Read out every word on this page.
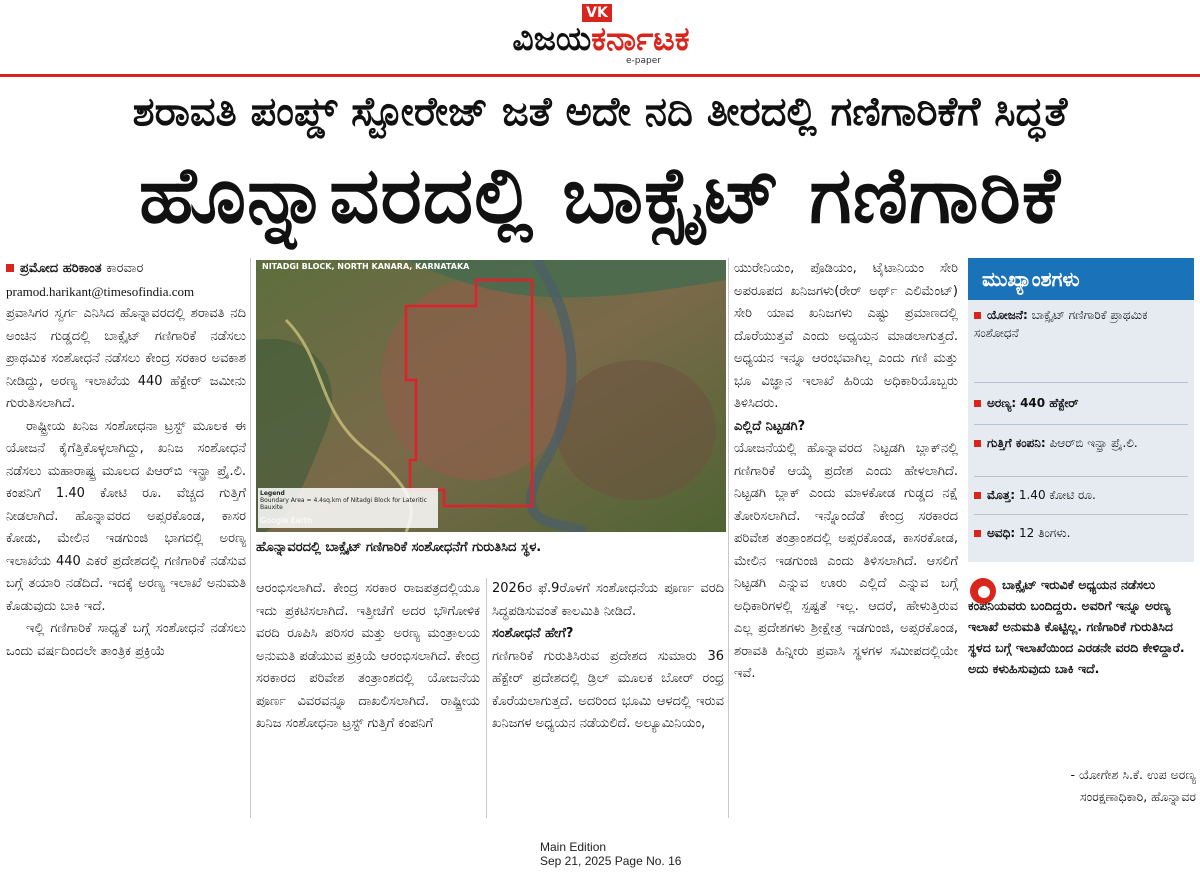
VK
ವಿಜಯಕರ್ನಾಟಕ
e-paper
ಶರಾವತಿ ಪಂಪ್ಡ್ ಸ್ಟೋರೇಜ್ ಜತೆ ಅದೇ ನದಿ ತೀರದಲ್ಲಿ ಗಣಿಗಾರಿಕೆಗೆ ಸಿದ್ಧತೆ
ಹೊನ್ನಾವರದಲ್ಲಿ ಬಾಕ್ಸೈಟ್ ಗಣಿಗಾರಿಕೆ

ಪ್ರಮೋದ ಹರಿಕಾಂತ ಕಾರವಾರ

pramod.harikant@timesofindia.com

ಪ್ರವಾಸಿಗರ ಸ್ವರ್ಗ ಎನಿಸಿದ ಹೊನ್ನಾವರದಲ್ಲಿ ಶರಾವತಿ ನದಿ ಅಂಚಿನ ಗುಡ್ಡದಲ್ಲಿ ಬಾಕ್ಸೈಟ್ ಗಣಿಗಾರಿಕೆ ನಡೆಸಲು ಪ್ರಾಥಮಿಕ ಸಂಶೋಧನೆ ನಡೆಸಲು ಕೇಂದ್ರ ಸರಕಾರ ಅವಕಾಶ ನೀಡಿದ್ದು, ಅರಣ್ಯ ಇಲಾಖೆಯ 440 ಹೆಕ್ಟೇರ್ ಜಮೀನು ಗುರುತಿಸಲಾಗಿದೆ.

ರಾಷ್ಟ್ರೀಯ ಖನಿಜ ಸಂಶೋಧನಾ ಟ್ರಸ್ಟ್ ಮೂಲಕ ಈ ಯೋಜನೆ ಕೈಗೆತ್ತಿಕೊಳ್ಳಲಾಗಿದ್ದು, ಖನಿಜ ಸಂಶೋಧನೆ ನಡೆಸಲು ಮಹಾರಾಷ್ಟ್ರ ಮೂಲದ ಪಿಆರ್‌ಬಿ ಇನ್ಫ್ರಾ ಪ್ರೈ.ಲಿ. ಕಂಪನಿಗೆ 1.40 ಕೋಟಿ ರೂ. ವೆಚ್ಚದ ಗುತ್ತಿಗೆ ನೀಡಲಾಗಿದೆ. ಹೊನ್ನಾವರದ ಅಪ್ಸರಕೊಂಡ, ಕಾಸರ ಕೋಡು, ಮೇಲಿನ ಇಡಗುಂಜಿ ಭಾಗದಲ್ಲಿ ಅರಣ್ಯ ಇಲಾಖೆಯ 440 ಎಕರೆ ಪ್ರದೇಶದಲ್ಲಿ ಗಣಿಗಾರಿಕೆ ನಡೆಸುವ ಬಗ್ಗೆ ತಯಾರಿ ನಡೆದಿದೆ. ಇದಕ್ಕೆ ಅರಣ್ಯ ಇಲಾಖೆ ಅನುಮತಿ ಕೊಡುವುದು ಬಾಕಿ ಇದೆ.

ಇಲ್ಲಿ ಗಣಿಗಾರಿಕೆ ಸಾಧ್ಯತೆ ಬಗ್ಗೆ ಸಂಶೋಧನೆ ನಡೆಸಲು ಒಂದು ವರ್ಷದಿಂದಲೇ ತಾಂತ್ರಿಕ ಪ್ರಕ್ರಿಯೆ

NITADGI BLOCK, NORTH KANARA, KARNATAKA
Legend
Boundary Area = 4.4sq.km of Nitadgi Block for Lateritic Bauxite
Google Earth
ಹೊನ್ನಾವರದಲ್ಲಿ ಬಾಕ್ಸೈಟ್ ಗಣಿಗಾರಿಕೆ ಸಂಶೋಧನೆಗೆ ಗುರುತಿಸಿದ ಸ್ಥಳ.

ಆರಂಭಿಸಲಾಗಿದೆ. ಕೇಂದ್ರ ಸರಕಾರ ರಾಜಪತ್ರದಲ್ಲಿಯೂ ಇದು ಪ್ರಕಟಿಸಲಾಗಿದೆ. ಇತ್ತೀಚೆಗೆ ಅದರ ಭೌಗೋಳಿಕ ವರದಿ ರೂಪಿಸಿ ಪರಿಸರ ಮತ್ತು ಅರಣ್ಯ ಮಂತ್ರಾಲಯ ಅನುಮತಿ ಪಡೆಯುವ ಪ್ರಕ್ರಿಯೆ ಆರಂಭಿಸಲಾಗಿದೆ. ಕೇಂದ್ರ ಸರಕಾರದ ಪರಿವೇಶ ತಂತ್ರಾಂಶದಲ್ಲಿ ಯೋಜನೆಯ ಪೂರ್ಣ ವಿವರವನ್ನೂ ದಾಖಲಿಸಲಾಗಿದೆ. ರಾಷ್ಟ್ರೀಯ ಖನಿಜ ಸಂಶೋಧನಾ ಟ್ರಸ್ಟ್ ಗುತ್ತಿಗೆ ಕಂಪನಿಗೆ

2026ರ ಫೆ.9ರೊಳಗೆ ಸಂಶೋಧನೆಯ ಪೂರ್ಣ ವರದಿ ಸಿದ್ಧಪಡಿಸುವಂತೆ ಕಾಲಮಿತಿ ನೀಡಿದೆ.

ಸಂಶೋಧನೆ ಹೇಗೆ?

ಗಣಿಗಾರಿಕೆ ಗುರುತಿಸಿರುವ ಪ್ರದೇಶದ ಸುಮಾರು 36 ಹೆಕ್ಟೇರ್ ಪ್ರದೇಶದಲ್ಲಿ ಡ್ರಿಲ್ ಮೂಲಕ ಬೋರ್ ರಂಧ್ರ ಕೊರೆಯಲಾಗುತ್ತದೆ. ಅದರಿಂದ ಭೂಮಿ ಆಳದಲ್ಲಿ ಇರುವ ಖನಿಜಗಳ ಅಧ್ಯಯನ ನಡೆಯಲಿದೆ. ಅಲ್ಯೂಮಿನಿಯಂ,

ಯುರೇನಿಯಂ, ಪೊಡಿಯಂ, ಟೈಟಾನಿಯಂ ಸೇರಿ ಅಪರೂಪದ ಖನಿಜಗಳು(ರೇರ್ ಅರ್ಥ್ ಎಲಿಮೆಂಟ್) ಸೇರಿ ಯಾವ ಖನಿಜಗಳು ಎಷ್ಟು ಪ್ರಮಾಣದಲ್ಲಿ ದೊರೆಯುತ್ತವೆ ಎಂದು ಅಧ್ಯಯನ ಮಾಡಲಾಗುತ್ತದೆ. ಅಧ್ಯಯನ ಇನ್ನೂ ಆರಂಭವಾಗಿಲ್ಲ ಎಂದು ಗಣಿ ಮತ್ತು ಭೂ ವಿಜ್ಞಾನ ಇಲಾಖೆ ಹಿರಿಯ ಅಧಿಕಾರಿಯೊಬ್ಬರು ತಿಳಿಸಿದರು.

ಎಲ್ಲಿದೆ ನಿಟ್ಟಡಗಿ?

ಯೋಜನೆಯಲ್ಲಿ ಹೊನ್ನಾವರದ ನಿಟ್ಟಡಗಿ ಬ್ಲಾಕ್‌ನಲ್ಲಿ ಗಣಿಗಾರಿಕೆ ಆಯ್ಕೆ ಪ್ರದೇಶ ಎಂದು ಹೇಳಲಾಗಿದೆ. ನಿಟ್ಟಡಗಿ ಬ್ಲಾಕ್ ಎಂದು ಮಾಳಕೋಡ ಗುಡ್ಡದ ನಕ್ಷೆ ತೋರಿಸಲಾಗಿದೆ. ಇನ್ನೊಂದೆಡೆ ಕೇಂದ್ರ ಸರಕಾರದ ಪರಿವೇಶ ತಂತ್ರಾಂಶದಲ್ಲಿ ಅಪ್ಸರಕೊಂಡ, ಕಾಸರಕೋಡ, ಮೇಲಿನ ಇಡಗುಂಜಿ ಎಂದು ತಿಳಿಸಲಾಗಿದೆ. ಆಸಲಿಗೆ ನಿಟ್ಟಡಗಿ ಎನ್ನುವ ಊರು ಎಲ್ಲಿದೆ ಎನ್ನುವ ಬಗ್ಗೆ ಅಧಿಕಾರಿಗಳಲ್ಲಿ ಸ್ಪಷ್ಟತೆ ಇಲ್ಲ. ಆದರೆ, ಹೇಳುತ್ತಿರುವ ಎಲ್ಲ ಪ್ರದೇಶಗಳು ಶ್ರೀಕ್ಷೇತ್ರ ಇಡಗುಂಜಿ, ಅಪ್ಸರಕೊಂಡ, ಶರಾವತಿ ಹಿನ್ನೀರು ಪ್ರವಾಸಿ ಸ್ಥಳಗಳ ಸಮೀಪದಲ್ಲಿಯೇ ಇವೆ.

ಮುಖ್ಯಾಂಶಗಳು
ಯೋಜನೆ: ಬಾಕ್ಸೈಟ್ ಗಣಿಗಾರಿಕೆ ಪ್ರಾಥಮಿಕ ಸಂಶೋಧನೆ
ಅರಣ್ಯ: 440 ಹೆಕ್ಟೇರ್
ಗುತ್ತಿಗೆ ಕಂಪನಿ: ಪಿಆರ್‌ಬಿ ಇನ್ಫ್ರಾ ಪ್ರೈ.ಲಿ.
ಮೊತ್ತ: 1.40 ಕೋಟಿ ರೂ.
ಅವಧಿ: 12 ತಿಂಗಳು.
ಬಾಕ್ಸೈಟ್ ಇರುವಿಕೆ ಅಧ್ಯಯನ ನಡೆಸಲು ಕಂಪನಿಯವರು ಬಂದಿದ್ದರು. ಅವರಿಗೆ ಇನ್ನೂ ಅರಣ್ಯ ಇಲಾಖೆ ಅನುಮತಿ ಕೊಟ್ಟಿಲ್ಲ. ಗಣಿಗಾರಿಕೆ ಗುರುತಿಸಿದ ಸ್ಥಳದ ಬಗ್ಗೆ ಇಲಾಖೆಯಿಂದ ಎರಡನೇ ವರದಿ ಕೇಳಿದ್ದಾರೆ. ಅದು ಕಳುಹಿಸುವುದು ಬಾಕಿ ಇದೆ.
- ಯೋಗೇಶ ಸಿ.ಕೆ. ಉಪ ಅರಣ್ಯ
ಸಂರಕ್ಷಣಾಧಿಕಾರಿ, ಹೊನ್ನಾವರ
Main Edition
Sep 21, 2025 Page No. 16
